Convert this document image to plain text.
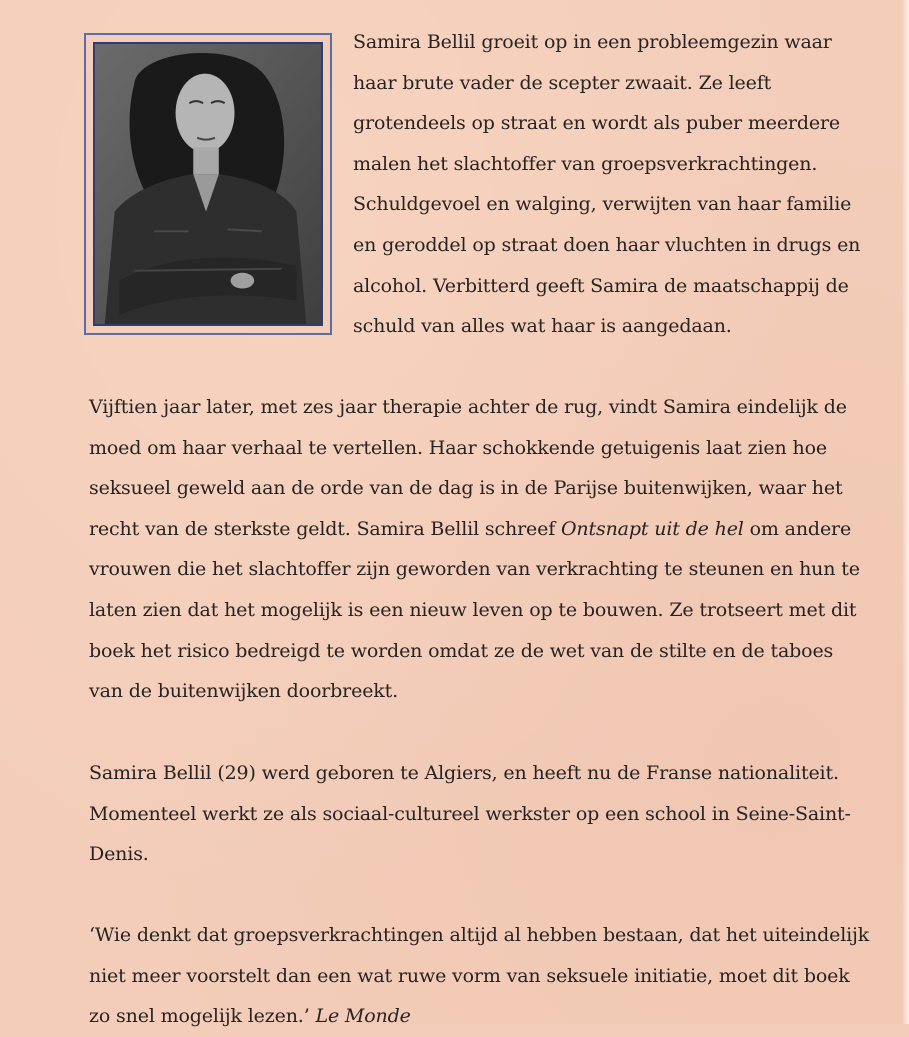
Samira Bellil groeit op in een probleemgezin waar
haar brute vader de scepter zwaait. Ze leeft
grotendeels op straat en wordt als puber meerdere
malen het slachtoffer van groepsverkrachtingen.
Schuldgevoel en walging, verwijten van haar familie
en geroddel op straat doen haar vluchten in drugs en
alcohol. Verbitterd geeft Samira de maatschappij de
schuld van alles wat haar is aangedaan.
Vijftien jaar later, met zes jaar therapie achter de rug, vindt Samira eindelijk de
moed om haar verhaal te vertellen. Haar schokkende getuigenis laat zien hoe
seksueel geweld aan de orde van de dag is in de Parijse buitenwijken, waar het
recht van de sterkste geldt. Samira Bellil schreef Ontsnapt uit de hel om andere
vrouwen die het slachtoffer zijn geworden van verkrachting te steunen en hun te
laten zien dat het mogelijk is een nieuw leven op te bouwen. Ze trotseert met dit
boek het risico bedreigd te worden omdat ze de wet van de stilte en de taboes
van de buitenwijken doorbreekt.
Samira Bellil (29) werd geboren te Algiers, en heeft nu de Franse nationaliteit.
Momenteel werkt ze als sociaal-cultureel werkster op een school in Seine-Saint-
Denis.
‘Wie denkt dat groepsverkrachtingen altijd al hebben bestaan, dat het uiteindelijk
niet meer voorstelt dan een wat ruwe vorm van seksuele initiatie, moet dit boek
zo snel mogelijk lezen.’ Le Monde
